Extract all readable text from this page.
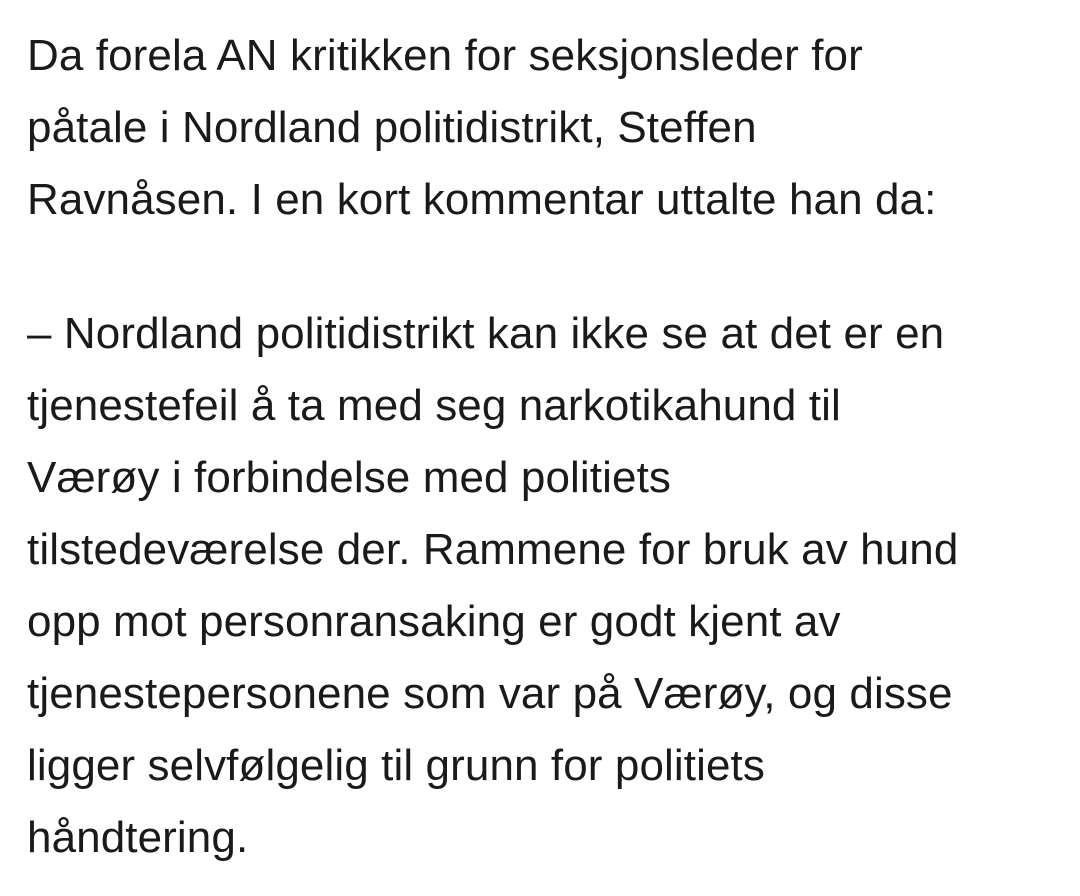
Da forela AN kritikken for seksjonsleder for
påtale i Nordland politidistrikt, Steffen
Ravnåsen. I en kort kommentar uttalte han da:
– Nordland politidistrikt kan ikke se at det er en
tjenestefeil å ta med seg narkotikahund til
Værøy i forbindelse med politiets
tilstedeværelse der. Rammene for bruk av hund
opp mot personransaking er godt kjent av
tjenestepersonene som var på Værøy, og disse
ligger selvfølgelig til grunn for politiets
håndtering.
